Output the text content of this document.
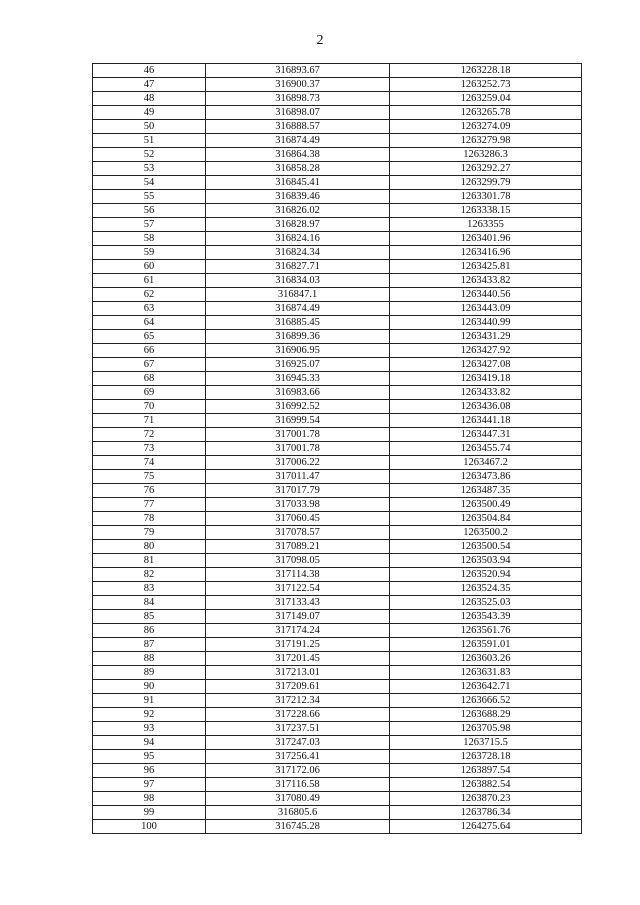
2
46	316893.67	1263228.18
47	316900.37	1263252.73
48	316898.73	1263259.04
49	316898.07	1263265.78
50	316888.57	1263274.09
51	316874.49	1263279.98
52	316864.38	1263286.3
53	316858.28	1263292.27
54	316845.41	1263299.79
55	316839.46	1263301.78
56	316826.02	1263338.15
57	316828.97	1263355
58	316824.16	1263401.96
59	316824.34	1263416.96
60	316827.71	1263425.81
61	316834.03	1263433.82
62	316847.1	1263440.56
63	316874.49	1263443.09
64	316885.45	1263440.99
65	316899.36	1263431.29
66	316906.95	1263427.92
67	316925.07	1263427.08
68	316945.33	1263419.18
69	316983.66	1263433.82
70	316992.52	1263436.08
71	316999.54	1263441.18
72	317001.78	1263447.31
73	317001.78	1263455.74
74	317006.22	1263467.2
75	317011.47	1263473.86
76	317017.79	1263487.35
77	317033.98	1263500.49
78	317060.45	1263504.84
79	317078.57	1263500.2
80	317089.21	1263500.54
81	317098.05	1263503.94
82	317114.38	1263520.94
83	317122.54	1263524.35
84	317133.43	1263525.03
85	317149.07	1263543.39
86	317174.24	1263561.76
87	317191.25	1263591.01
88	317201.45	1263603.26
89	317213.01	1263631.83
90	317209.61	1263642.71
91	317212.34	1263666.52
92	317228.66	1263688.29
93	317237.51	1263705.98
94	317247.03	1263715.5
95	317256.41	1263728.18
96	317172.06	1263897.54
97	317116.58	1263882.54
98	317080.49	1263870.23
99	316805.6	1263786.34
100	316745.28	1264275.64
